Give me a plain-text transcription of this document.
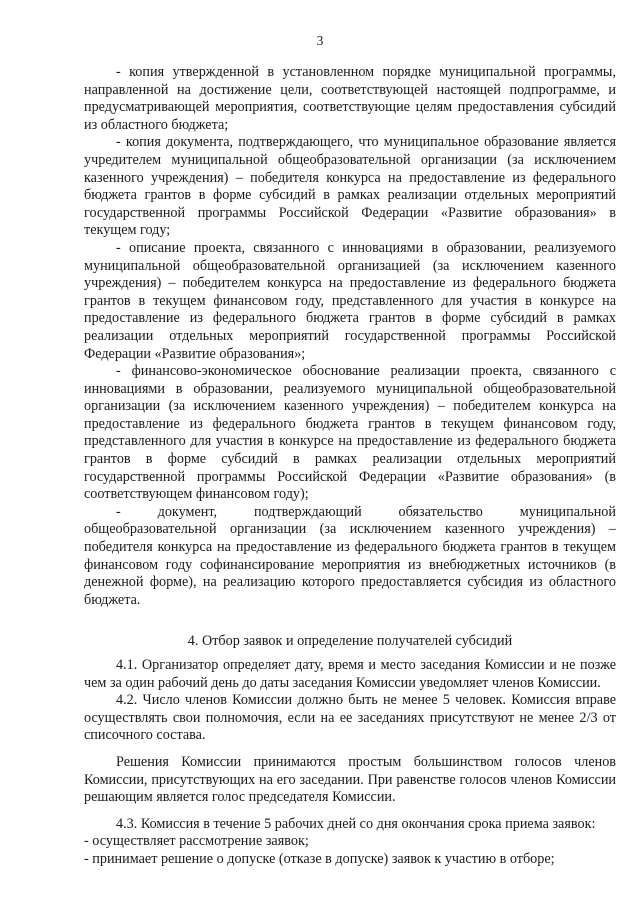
3

- копия утвержденной в установленном порядке муниципальной программы, направленной на достижение цели, соответствующей настоящей подпрограмме, и предусматривающей мероприятия, соответствующие целям предоставления субсидий из областного бюджета;

- копия документа, подтверждающего, что муниципальное образование является учредителем муниципальной общеобразовательной организации (за исключением казенного учреждения) – победителя конкурса на предоставление из федерального бюджета грантов в форме субсидий в рамках реализации отдельных мероприятий государственной программы Российской Федерации «Развитие образования» в текущем году;

- описание проекта, связанного с инновациями в образовании, реализуемого муниципальной общеобразовательной организацией (за исключением казенного учреждения) – победителем конкурса на предоставление из федерального бюджета грантов в текущем финансовом году, представленного для участия в конкурсе на предоставление из федерального бюджета грантов в форме субсидий в рамках реализации отдельных мероприятий государственной программы Российской Федерации «Развитие образования»;

- финансово-экономическое обоснование реализации проекта, связанного с инновациями в образовании, реализуемого муниципальной общеобразовательной организации (за исключением казенного учреждения) – победителем конкурса на предоставление из федерального бюджета грантов в текущем финансовом году, представленного для участия в конкурсе на предоставление из федерального бюджета грантов в форме субсидий в рамках реализации отдельных мероприятий государственной программы Российской Федерации «Развитие образования» (в соответствующем финансовом году);

- документ, подтверждающий обязательство муниципальной общеобразовательной организации (за исключением казенного учреждения) – победителя конкурса на предоставление из федерального бюджета грантов в текущем финансовом году софинансирование мероприятия из внебюджетных источников (в денежной форме), на реализацию которого предоставляется субсидия из областного бюджета.

4. Отбор заявок и определение получателей субсидий

4.1. Организатор определяет дату, время и место заседания Комиссии и не позже чем за один рабочий день до даты заседания Комиссии уведомляет членов Комиссии.

4.2. Число членов Комиссии должно быть не менее 5 человек. Комиссия вправе осуществлять свои полномочия, если на ее заседаниях присутствуют не менее 2/3 от списочного состава.

Решения Комиссии принимаются простым большинством голосов членов Комиссии, присутствующих на его заседании. При равенстве голосов членов Комиссии решающим является голос председателя Комиссии.

4.3. Комиссия в течение 5 рабочих дней со дня окончания срока приема заявок:

- осуществляет рассмотрение заявок;

- принимает решение о допуске (отказе в допуске) заявок к участию в отборе;
